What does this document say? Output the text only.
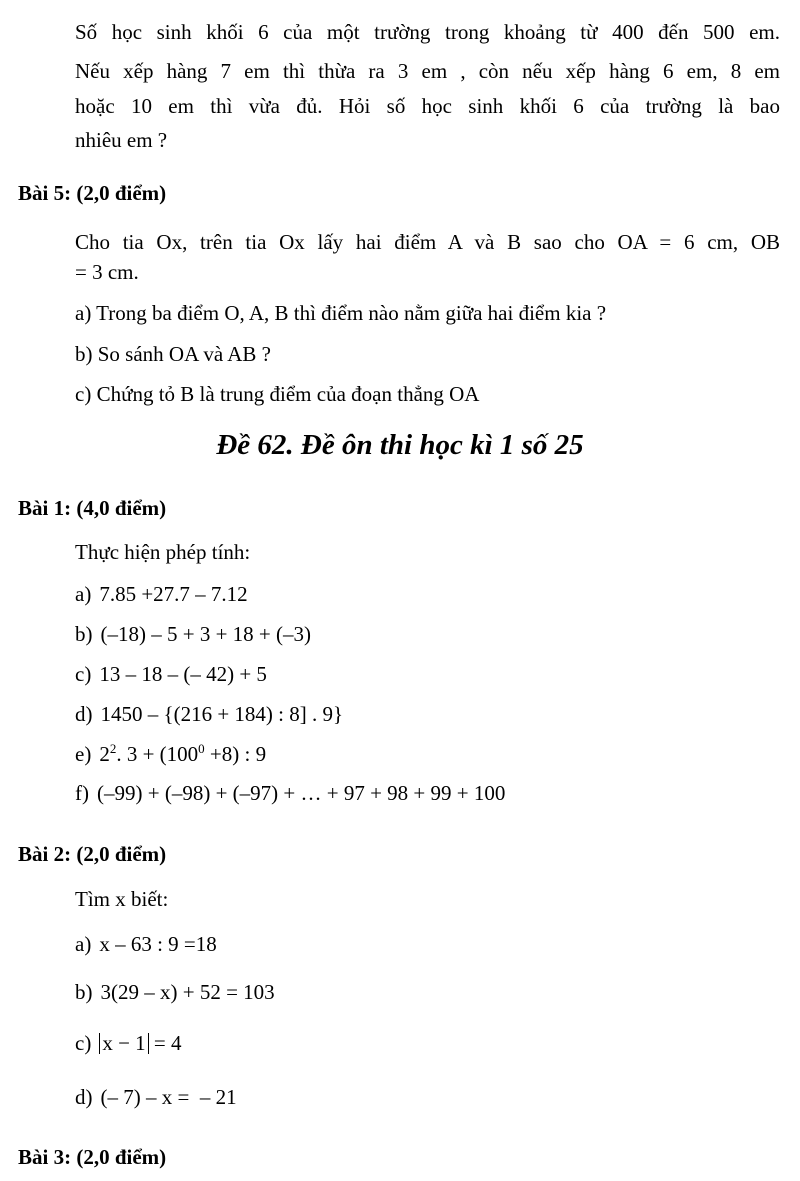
Số học sinh khối 6 của một trường trong khoảng từ 400 đến 500 em.
Nếu xếp hàng 7 em thì thừa ra 3 em , còn nếu xếp hàng 6 em, 8 em
hoặc 10 em thì vừa đủ. Hỏi số học sinh khối 6 của trường là bao
nhiêu em ?
Bài 5: (2,0 điểm)
Cho tia Ox, trên tia Ox lấy hai điểm A và B sao cho OA = 6 cm, OB
= 3 cm.
a) Trong ba điểm O, A, B thì điểm nào nằm giữa hai điểm kia ?
b) So sánh OA và AB ?
c) Chứng tỏ B là trung điểm của đoạn thẳng OA
Đề 62. Đề ôn thi học kì 1 số 25
Bài 1: (4,0 điểm)
Thực hiện phép tính:
a) 7.85 +27.7 – 7.12
b) (–18) – 5 + 3 + 18 + (–3)
c) 13 – 18 – (– 42) + 5
d) 1450 – {(216 + 184) : 8] . 9}
e) $2^2$. $3 + (100^0 +8)$ : 9
f) (–99) + (–98) + (–97) + … + 97 + 98 + 99 + 100
Bài 2: (2,0 điểm)
Tìm x biết:
a) x – 63 : 9 =18
b) 3(29 – x) + 52 = 103
c) x − 1 = 4
d) (– 7) – x =  – 21
Bài 3: (2,0 điểm)
